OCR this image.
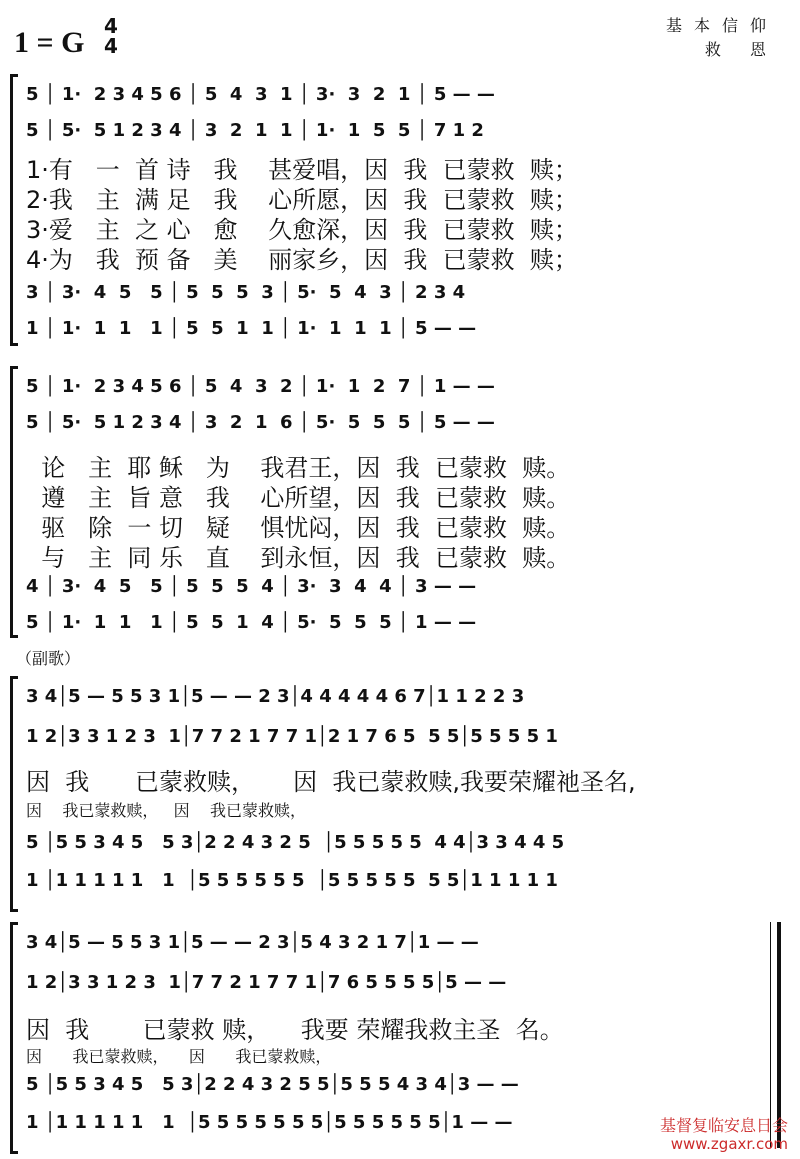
1 = G 4
4
基本信仰
救 恩
5 │ 1·  2 3 4 5 6 │ 5  4  3  1 │ 3·  3  2  1 │ 5 — —
5 │ 5·  5 1 2 3 4 │ 3  2  1  1 │ 1·  1  5  5 │ 7 1 2
1·有   一  首 诗   我    甚爱唱，因  我  已蒙救  赎；
2·我   主  满 足   我    心所愿，因  我  已蒙救  赎；
3·爱   主  之 心   愈    久愈深，因  我  已蒙救  赎；
4·为   我  预 备   美    丽家乡，因  我  已蒙救  赎；
3 │ 3·  4  5   5 │ 5  5  5  3 │ 5·  5  4  3 │ 2 3 4
1 │ 1·  1  1   1 │ 5  5  1  1 │ 1·  1  1  1 │ 5 — —
5 │ 1·  2 3 4 5 6 │ 5  4  3  2 │ 1·  1  2  7 │ 1 — —
5 │ 5·  5 1 2 3 4 │ 3  2  1  6 │ 5·  5  5  5 │ 5 — —
论   主  耶 稣   为    我君王，因  我  已蒙救  赎。
遵   主  旨 意   我    心所望，因  我  已蒙救  赎。
驱   除  一 切   疑    惧忧闷，因  我  已蒙救  赎。
与   主  同 乐   直    到永恒，因  我  已蒙救  赎。
4 │ 3·  4  5   5 │ 5  5  5  4 │ 3·  3  4  4 │ 3 — —
5 │ 1·  1  1   1 │ 5  5  1  4 │ 5·  5  5  5 │ 1 — —
（副歌）
3 4│5 — 5 5 3 1│5 — — 2 3│4 4 4 4 4 6 7│1 1 2 2 3
1 2│3 3 1 2 3  1│7 7 2 1 7 7 1│2 1 7 6 5  5 5│5 5 5 5 1
因  我      已蒙救赎，     因  我已蒙救赎,我要荣耀祂圣名,
因    我已蒙救赎，   因    我已蒙救赎，
5 │5 5 3 4 5   5 3│2 2 4 3 2 5  │5 5 5 5 5  4 4│3 3 4 4 5
1 │1 1 1 1 1   1  │5 5 5 5 5 5  │5 5 5 5 5  5 5│1 1 1 1 1
3 4│5 — 5 5 3 1│5 — — 2 3│5 4 3 2 1 7│1 — —
1 2│3 3 1 2 3  1│7 7 2 1 7 7 1│7 6 5 5 5 5│5 — —
因  我       已蒙救 赎，    我要 荣耀我救主圣  名。
因      我已蒙救赎，    因      我已蒙救赎，
5 │5 5 3 4 5   5 3│2 2 4 3 2 5 5│5 5 5 4 3 4│3 — —
1 │1 1 1 1 1   1  │5 5 5 5 5 5 5│5 5 5 5 5 5│1 — —	基督复临安息日会
www.zgaxr.com
